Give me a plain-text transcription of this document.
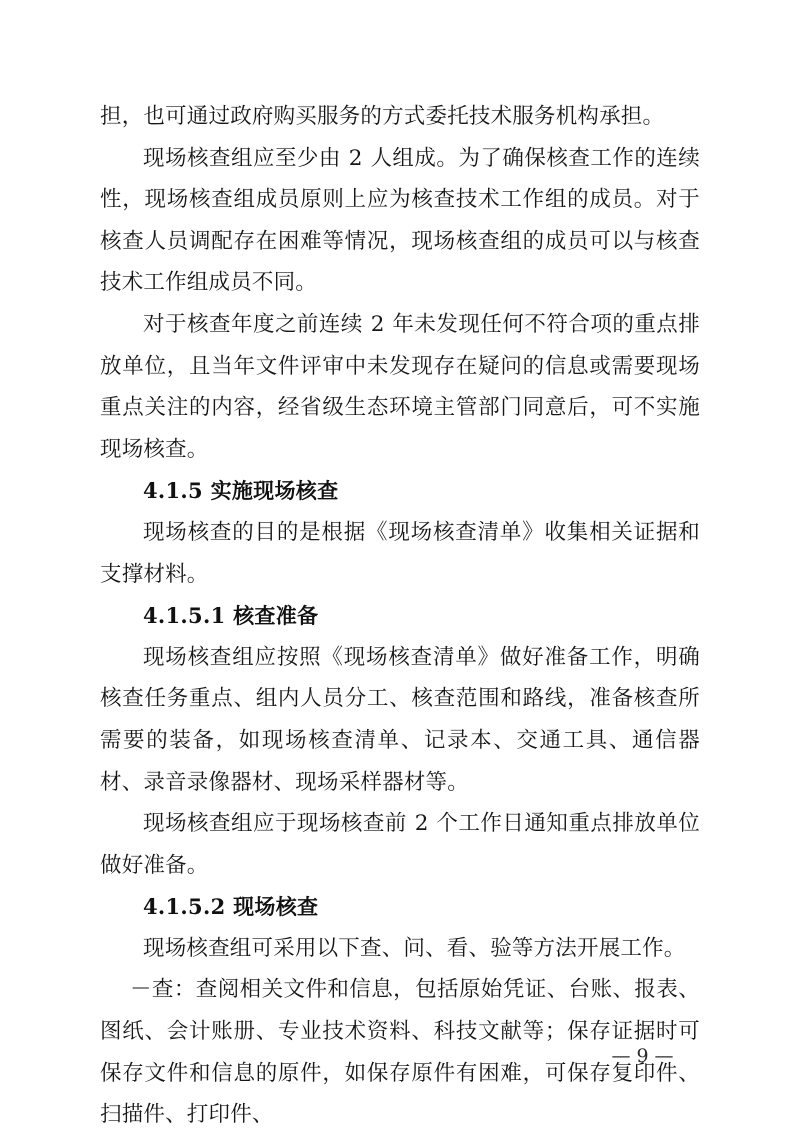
担，也可通过政府购买服务的方式委托技术服务机构承担。

现场核查组应至少由 2 人组成。为了确保核查工作的连续性，现场核查组成员原则上应为核查技术工作组的成员。对于核查人员调配存在困难等情况，现场核查组的成员可以与核查技术工作组成员不同。

对于核查年度之前连续 2 年未发现任何不符合项的重点排放单位，且当年文件评审中未发现存在疑问的信息或需要现场重点关注的内容，经省级生态环境主管部门同意后，可不实施现场核查。

4.1.5 实施现场核查

现场核查的目的是根据《现场核查清单》收集相关证据和支撑材料。

4.1.5.1 核查准备

现场核查组应按照《现场核查清单》做好准备工作，明确核查任务重点、组内人员分工、核查范围和路线，准备核查所需要的装备，如现场核查清单、记录本、交通工具、通信器材、录音录像器材、现场采样器材等。

现场核查组应于现场核查前 2 个工作日通知重点排放单位做好准备。

4.1.5.2 现场核查

现场核查组可采用以下查、问、看、验等方法开展工作。

－查：查阅相关文件和信息，包括原始凭证、台账、报表、图纸、会计账册、专业技术资料、科技文献等；保存证据时可保存文件和信息的原件，如保存原件有困难，可保存复印件、扫描件、打印件、

— 9 —
